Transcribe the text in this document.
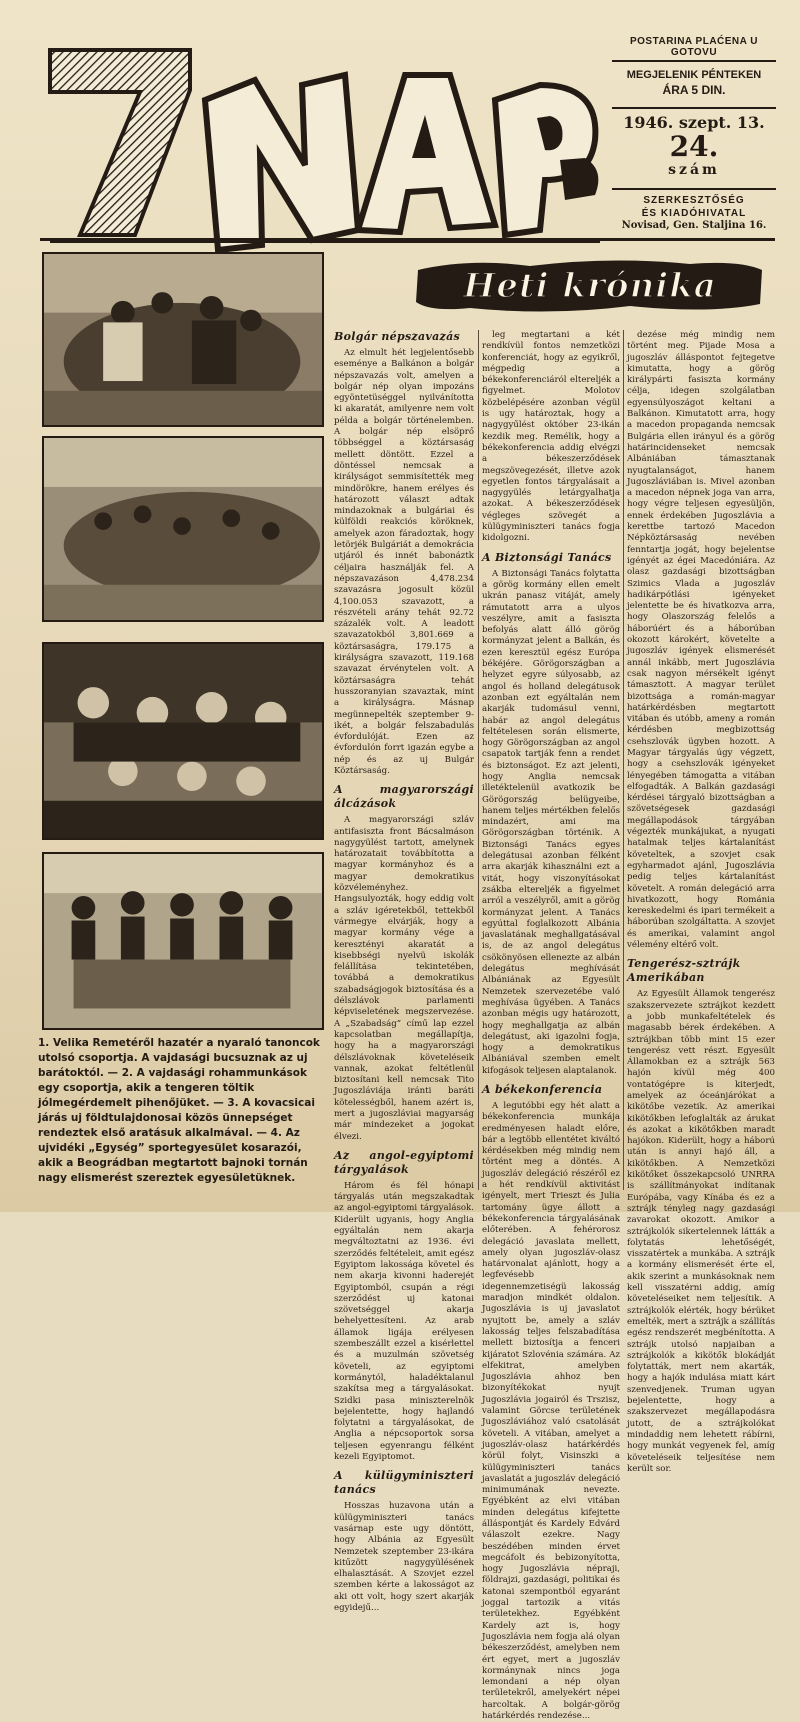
POSTARINA PLAĆENA U GOTOVU
MEGJELENIK PÉNTEKEN
ÁRA 5 DIN.
1946. szept. 13.
24.
szám
SZERKESZTŐSÉG
ÉS KIADÓHIVATAL
Novisad, Gen. Staljina 16.
1. Velika Remetéről hazatér a nyaraló tanoncok utolsó csoportja. A vajdasági bucsuznak az uj barátoktól. — 2. A vajdasági rohammunkások egy csoportja, akik a tengeren töltik jólmegérdemelt pihenőjüket. — 3. A kovacsicai járás uj földtulajdonosai közös ünnepséget rendeztek első aratásuk alkalmával. — 4. Az ujvidéki „Egység” sportegyesület kosarazói, akik a Beográdban megtartott bajnoki tornán nagy elismerést szereztek egyesületüknek.
Heti krónika
Bolgár népszavazás

Az elmult hét legjelentősebb eseménye a Balkánon a bolgár népszavazás volt, amelyen a bolgár nép olyan impozáns egyöntetüséggel nyilvánította ki akaratát, amilyenre nem volt példa a bolgár történelemben. A bolgár nép elsöprő többséggel a köztársaság mellett döntött. Ezzel a döntéssel nemcsak a királyságot semmisítették meg mindörökre, hanem erélyes és határozott választ adtak mindazoknak a bulgáriai és külföldi reakciós köröknek, amelyek azon fáradoztak, hogy letörjék Bulgáriát a demokrácia utjáról és innét babonáztk céljaira használják fel. A népszavazáson 4,478.234 szavazásra jogosult közül 4,100.053 szavazott, a részvételi arány tehát 92.72 százalék volt. A leadott szavazatokból 3,801.669 a köztársaságra, 179.175 a királyságra szavazott, 119.168 szavazat érvénytelen volt. A köztársaságra tehát husszoranyian szavaztak, mint a királyságra. Másnap megünnepelték szeptember 9-ikét, a bolgár felszabadulás évfordulóját. Ezen az évfordulón forrt igazán egybe a nép és az uj Bulgár Köztársaság.

A magyarországi álcázások

A magyarországi szláv antifasiszta front Bácsalmáson nagygyülést tartott, amelynek határozatait továbbította a magyar kormányhoz és a magyar demokratikus közvéleményhez. Hangsulyozták, hogy eddig volt a szláv igéretekből, tettekből vármegye elvárják, hogy a magyar kormány vége a keresztényi akaratát a kisebbségi nyelvü iskolák felállítása tekintetében, továbbá a demokratikus szabadságjogok biztosítása és a délszlávok parlamenti képviseletének megszervezése. A „Szabadság” című lap ezzel kapcsolatban megállapítja, hogy ha a magyarországi délszlávoknak követeléseik vannak, azokat feltétlenül biztosítani kell nemcsak Tito Jugoszláviája iránti baráti kötelességből, hanem azért is, mert a jugoszláviai magyarság már mindezeket a jogokat élvezi.

Az angol-egyiptomi tárgyalások

Három és fél hónapi tárgyalás után megszakadtak az angol-egyiptomi tárgyalások. Kiderült ugyanis, hogy Anglia egyáltalán nem akarja megváltoztatni az 1936. évi szerződés feltételeit, amit egész Egyiptom lakossága követel és nem akarja kivonni haderejét Egyiptomból, csupán a régi szerződést uj katonai szövetséggel akarja behelyettesíteni. Az arab államok ligája erélyesen szembeszállt ezzel a kisérlettel és a muzulmán szövetség követeli, az egyiptomi kormánytól, haladéktalanul szakítsa meg a tárgyalásokat. Szidki pasa miniszterelnök bejelentette, hogy hajlandó folytatni a tárgyalásokat, de Anglia a népcsoportok sorsa teljesen egyenrangu félként kezeli Egyiptomot.

A külügyminiszteri tanács

Hosszas huzavona után a külügyminiszteri tanács vasárnap este ugy döntött, hogy Albánia az Egyesült Nemzetek szeptember 23-ikára kitűzött nagygyülésének elhalasztását. A Szovjet ezzel szemben kérte a lakosságot az aki ott volt, hogy szert akarják egyidejű...

leg megtartani a két rendkívül fontos nemzetközi konferenciát, hogy az egyikről, mégpedig a békekonferenciáról eltereljék a figyelmet. Molotov közbelépésére azonban végül is ugy határoztak, hogy a nagygyűlést október 23-ikán kezdik meg. Remélik, hogy a békekonferencia addig elvégzi a békeszerződések megszövegezését, illetve azok egyetlen fontos tárgyalásait a nagygyülés letárgyalhatja azokat. A békeszerződések végleges szövegét a külügyminiszteri tanács fogja kidolgozni.

A Biztonsági Tanács

A Biztonsági Tanács folytatta a görög kormány ellen emelt ukrán panasz vitáját, amely rámutatott arra a ulyos veszélyre, amit a fasiszta befolyás alatt álló görög kormányzat jelent a Balkán, és ezen keresztül egész Európa békéjére. Görögországban a helyzet egyre súlyosabb, az angol és holland delegátusok azonban ezt egyáltalán nem akarják tudomásul venni, habár az angol delegátus feltételesen során elismerte, hogy Görögországban az angol csapatok tartják fenn a rendet és biztonságot. Ez azt jelenti, hogy Anglia nemcsak illetéktelenül avatkozik be Görögország belügyeibe, hanem teljes mértékben felelős mindazért, ami ma Görögországban történik. A Biztonsági Tanács egyes delegátusai azonban félként arra akarják kihasználni ezt a vitát, hogy viszonyításokat zsákba eltereljék a figyelmet arról a veszélyről, amit a görög kormányzat jelent. A Tanács egyúttal foglalkozott Albánia javaslatának meghallgatásával is, de az angol delegátus csökönyösen ellenezte az albán delegátus meghívását Albániának az Egyesült Nemzetek szervezetébe való meghívása ügyében. A Tanács azonban mégis ugy határozott, hogy meghallgatja az albán delegátust, aki igazolni fogja, hogy a demokratikus Albániával szemben emelt kifogások teljesen alaptalanok.

A békekonferencia

A legutóbbi egy hét alatt a békekonferencia munkája eredményesen haladt előre, bár a legtöbb ellentétet kiváltó kérdésekben még mindig nem történt meg a döntés. A jugoszláv delegáció részéről ez a hét rendkívül aktivitást igényelt, mert Trieszt és Julia tartomány ügye állott a békekonferencia tárgyalásának előterében. A fehérorosz delegáció javaslata mellett, amely olyan jugoszláv-olasz határvonalat ajánlott, hogy a legfevésebb idegennemzetiségü lakosság maradjon mindkét oldalon. Jugoszlávia is uj javaslatot nyujtott be, amely a szláv lakosság teljes felszabadítása mellett biztosítja a fenceri kijáratot Szlovénia számára. Az elfekitrat, amelyben Jugoszlávia ahhoz ben bizonyítékokat nyujt Jugoszlávia jogairól és Trszisz, valamint Görcse területének Jugoszláviához való csatolását követeli. A vitában, amelyet a jugoszláv-olasz határkérdés körül folyt, Visinszki a külügyminiszteri tanács javaslatát a jugoszláv delegáció minimumának nevezte. Egyébként az elvi vitában minden delegátus kifejtette álláspontját és Kardely Edvárd válaszolt ezekre. Nagy beszédében minden érvet megcáfolt és bebizonyította, hogy Jugoszlávia népraji, földrajzi, gazdasági, politikai és katonai szempontból egyaránt joggal tartozik a vitás területekhez. Egyébként Kardely azt is, hogy Jugoszlávia nem fogja alá olyan békeszerződést, amelyben nem ért egyet, mert a jugoszláv kormánynak nincs joga lemondani a nép olyan területekről, amelyekért népei harcoltak. A bolgár-görög határkérdés rendezése...

dezése még mindig nem történt meg. Pijade Mosa a jugoszláv álláspontot fejtegetve kimutatta, hogy a görög királypárti fasiszta kormány célja, idegen szolgálatban egyensúlyoszágot keltani a Balkánon. Kimutatott arra, hogy a macedon propaganda nemcsak Bulgária ellen irányul és a görög határincidenseket nemcsak Albániában támasztanak nyugtalanságot, hanem Jugoszláviában is. Mivel azonban a macedon népnek joga van arra, hogy végre teljesen egyesüljön, ennek érdekében Jugoszlávia a kerettbe tartozó Macedon Népköztársaság nevében fenntartja jogát, hogy bejelentse igényét az égei Macedóniára. Az olasz gazdasági bizottságban Szimics Vlada a jugoszláv hadikárpótlási igényeket jelentette be és hivatkozva arra, hogy Olaszország felelős a háborúért és a háborúban okozott károkért, követelte a jugoszláv igények elismerését annál inkább, mert Jugoszlávia csak nagyon mérsékelt igényt támasztott. A magyar terület bizottsága a román-magyar határkérdésben megtartott vitában és utóbb, ameny a román kérdésben megbizottság csehszlovák ügyben hozott. A Magyar tárgyalás úgy végzett, hogy a csehszlovák igényeket lényegében támogatta a vitában elfogadták. A Balkán gazdasági kérdései tárgyaló bizottságban a szövetségesek gazdasági megállapodások tárgyában végezték munkájukat, a nyugati hatalmak teljes kártalanítást követeltek, a szovjet csak egyharmadot ajánl, Jugoszlávia pedig teljes kártalanítást követelt. A román delegáció arra hivatkozott, hogy Románia kereskedelmi és ipari termékeit a háborúban szolgáltatta. A szovjet és amerikai, valamint angol vélemény eltérő volt.

Tengerész-sztrájk Amerikában

Az Egyesült Államok tengerész szakszervezete sztrájkot kezdett a jobb munkafeltételek és magasabb bérek érdekében. A sztrájkban több mint 15 ezer tengerész vett részt. Egyesült Államokban ez a sztrájk 563 hajón kívül még 400 vontatógépre is kiterjedt, amelyek az óceánjárókat a kikötőbe vezetik. Az amerikai kikötőkben lefoglalták az árukat és azokat a kikötőkben maradt hajókon. Kiderült, hogy a háború után is annyi hajó áll, a kikötőkben. A Nemzetközi kikötőket összekapcsoló UNRRA is szállítmányokat indítanak Európába, vagy Kínába és ez a sztrájk tényleg nagy gazdasági zavarokat okozott. Amikor a sztrájkolók sikertelennek látták a folytatás lehetőségét, visszatértek a munkába. A sztrájk a kormány elismerését érte el, akik szerint a munkásoknak nem kell visszatérni addig, amíg követeléseiket nem teljesítik. A sztrájkolók elérték, hogy bérüket emelték, mert a sztrájk a szállítás egész rendszerét megbénította. A sztrájk utolsó napjaiban a sztrájkolók a kikötők blokádját folytatták, mert nem akarták, hogy a hajók indulása miatt kárt szenvedjenek. Truman ugyan bejelentette, hogy a szakszervezet megállapodásra jutott, de a sztrájkolókat mindaddig nem lehetett rábírni, hogy munkát vegyenek fel, amíg követeléseik teljesítése nem került sor.
